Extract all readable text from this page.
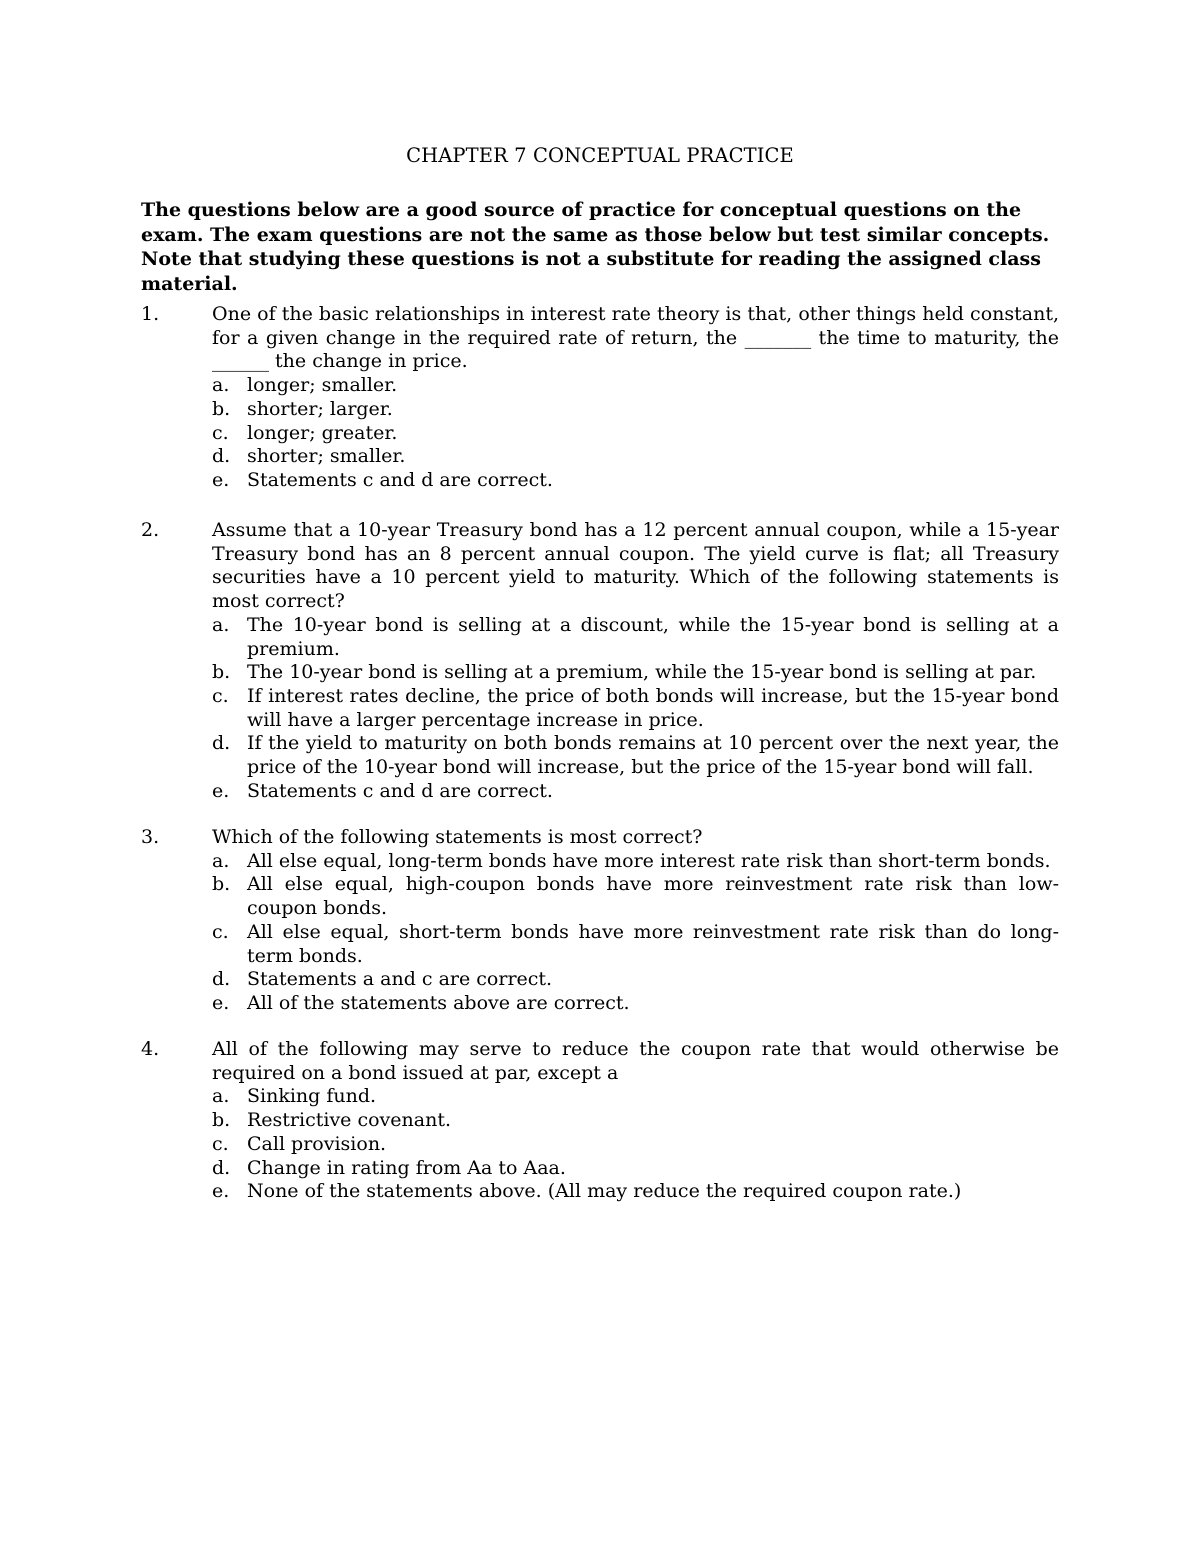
CHAPTER 7 CONCEPTUAL PRACTICE

The questions below are a good source of practice for conceptual questions on the exam. The exam questions are not the same as those below but test similar concepts. Note that studying these questions is not a substitute for reading the assigned class material.

1.	One of the basic relationships in interest rate theory is that, other things held constant, for a given change in the required rate of return, the _______ the time to maturity, the ______ the change in price.

a. longer; smaller.
b. shorter; larger.
c. longer; greater.
d. shorter; smaller.
e. Statements c and d are correct.
2.	Assume that a 10-year Treasury bond has a 12 percent annual coupon, while a 15-year Treasury bond has an 8 percent annual coupon. The yield curve is flat; all Treasury securities have a 10 percent yield to maturity. Which of the following statements is most correct?

a. The 10-year bond is selling at a discount, while the 15-year bond is selling at a premium.
b. The 10-year bond is selling at a premium, while the 15-year bond is selling at par.
c. If interest rates decline, the price of both bonds will increase, but the 15-year bond will have a larger percentage increase in price.
d. If the yield to maturity on both bonds remains at 10 percent over the next year, the price of the 10-year bond will increase, but the price of the 15-year bond will fall.
e. Statements c and d are correct.
3.	Which of the following statements is most correct?

a. All else equal, long-term bonds have more interest rate risk than short-term bonds.
b. All else equal, high-coupon bonds have more reinvestment rate risk than low-coupon bonds.
c. All else equal, short-term bonds have more reinvestment rate risk than do long-term bonds.
d. Statements a and c are correct.
e. All of the statements above are correct.
4.	All of the following may serve to reduce the coupon rate that would otherwise be required on a bond issued at par, except a

a. Sinking fund.
b. Restrictive covenant.
c. Call provision.
d. Change in rating from Aa to Aaa.
e. None of the statements above. (All may reduce the required coupon rate.)
